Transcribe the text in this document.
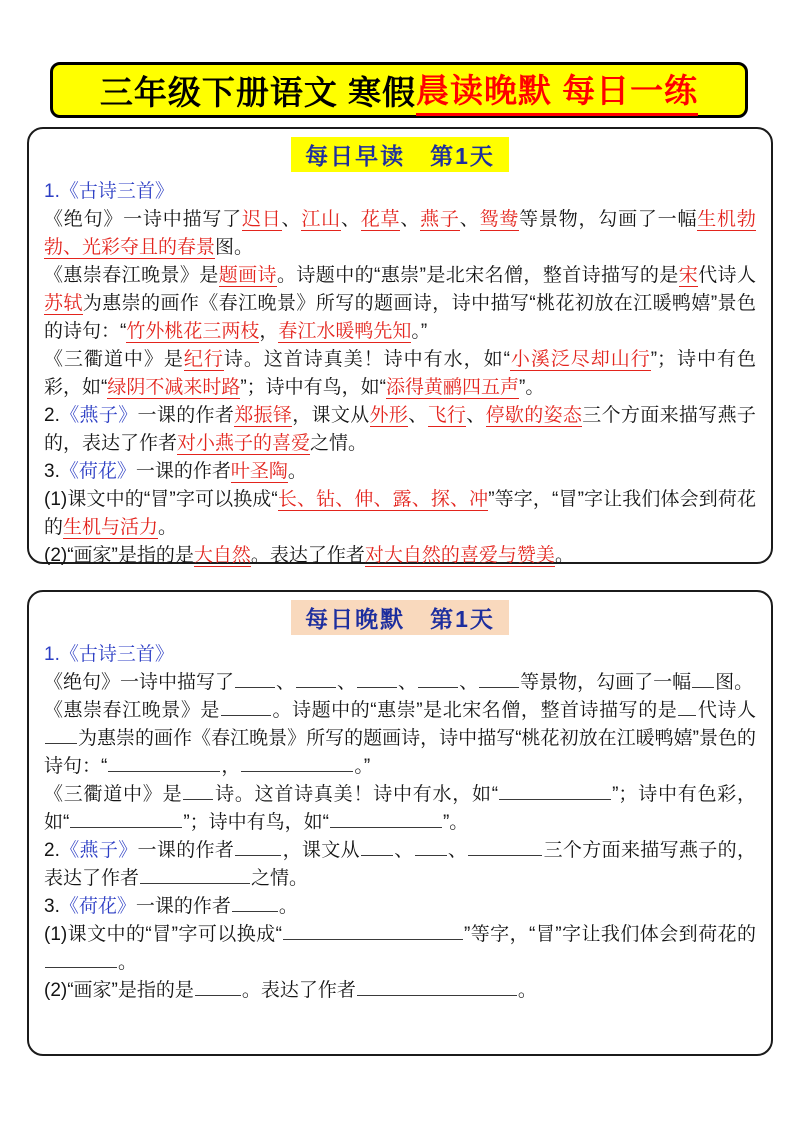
三年级下册语文 寒假 晨读晚默 每日一练
每日早读　第1天

1.《古诗三首》

《绝句》一诗中描写了迟日、江山、花草、燕子、鸳鸯等景物，勾画了一幅生机勃勃、光彩夺且的春景图。

《惠崇春江晚景》是题画诗。诗题中的“惠崇”是北宋名僧，整首诗描写的是宋代诗人苏轼为惠崇的画作《春江晚景》所写的题画诗，诗中描写“桃花初放在江暖鸭嬉”景色的诗句：“竹外桃花三两枝，春江水暖鸭先知。”

《三衢道中》是纪行诗。这首诗真美！诗中有水，如“小溪泛尽却山行”；诗中有色彩，如“绿阴不减来时路”；诗中有鸟，如“添得黄鹂四五声”。

2.《燕子》一课的作者郑振铎，课文从外形、飞行、停歇的姿态三个方面来描写燕子的，表达了作者对小燕子的喜爱之情。

3.《荷花》一课的作者叶圣陶。

(1)课文中的“冒”字可以换成“长、钻、伸、露、探、冲”等字，“冒”字让我们体会到荷花的生机与活力。

(2)“画家”是指的是大自然。表达了作者对大自然的喜爱与赞美。

每日晚默　第1天

1.《古诗三首》

《绝句》一诗中描写了 、 、 、 、 等景物，勾画了一幅 图。

《惠崇春江晚景》是	。诗题中的“惠崇”是北宋名僧，整首诗描写的是 代诗人为惠崇的画作《春江晚景》所写的题画诗，诗中描写“桃花初放在江暖鸭嬉”景色的诗句：“	，	。”

《三衢道中》是 诗。这首诗真美！诗中有水，如“	”；诗中有色彩，如“	”；诗中有鸟，如“	”。

2.《燕子》一课的作者	，课文从 、 、	三个方面来描写燕子的，表达了作者	之情。

3.《荷花》一课的作者	。

(1)课文中的“冒”字可以换成“	”等字，“冒”字让我们体会到荷花的。

(2)“画家”是指的是	。表达了作者	。
